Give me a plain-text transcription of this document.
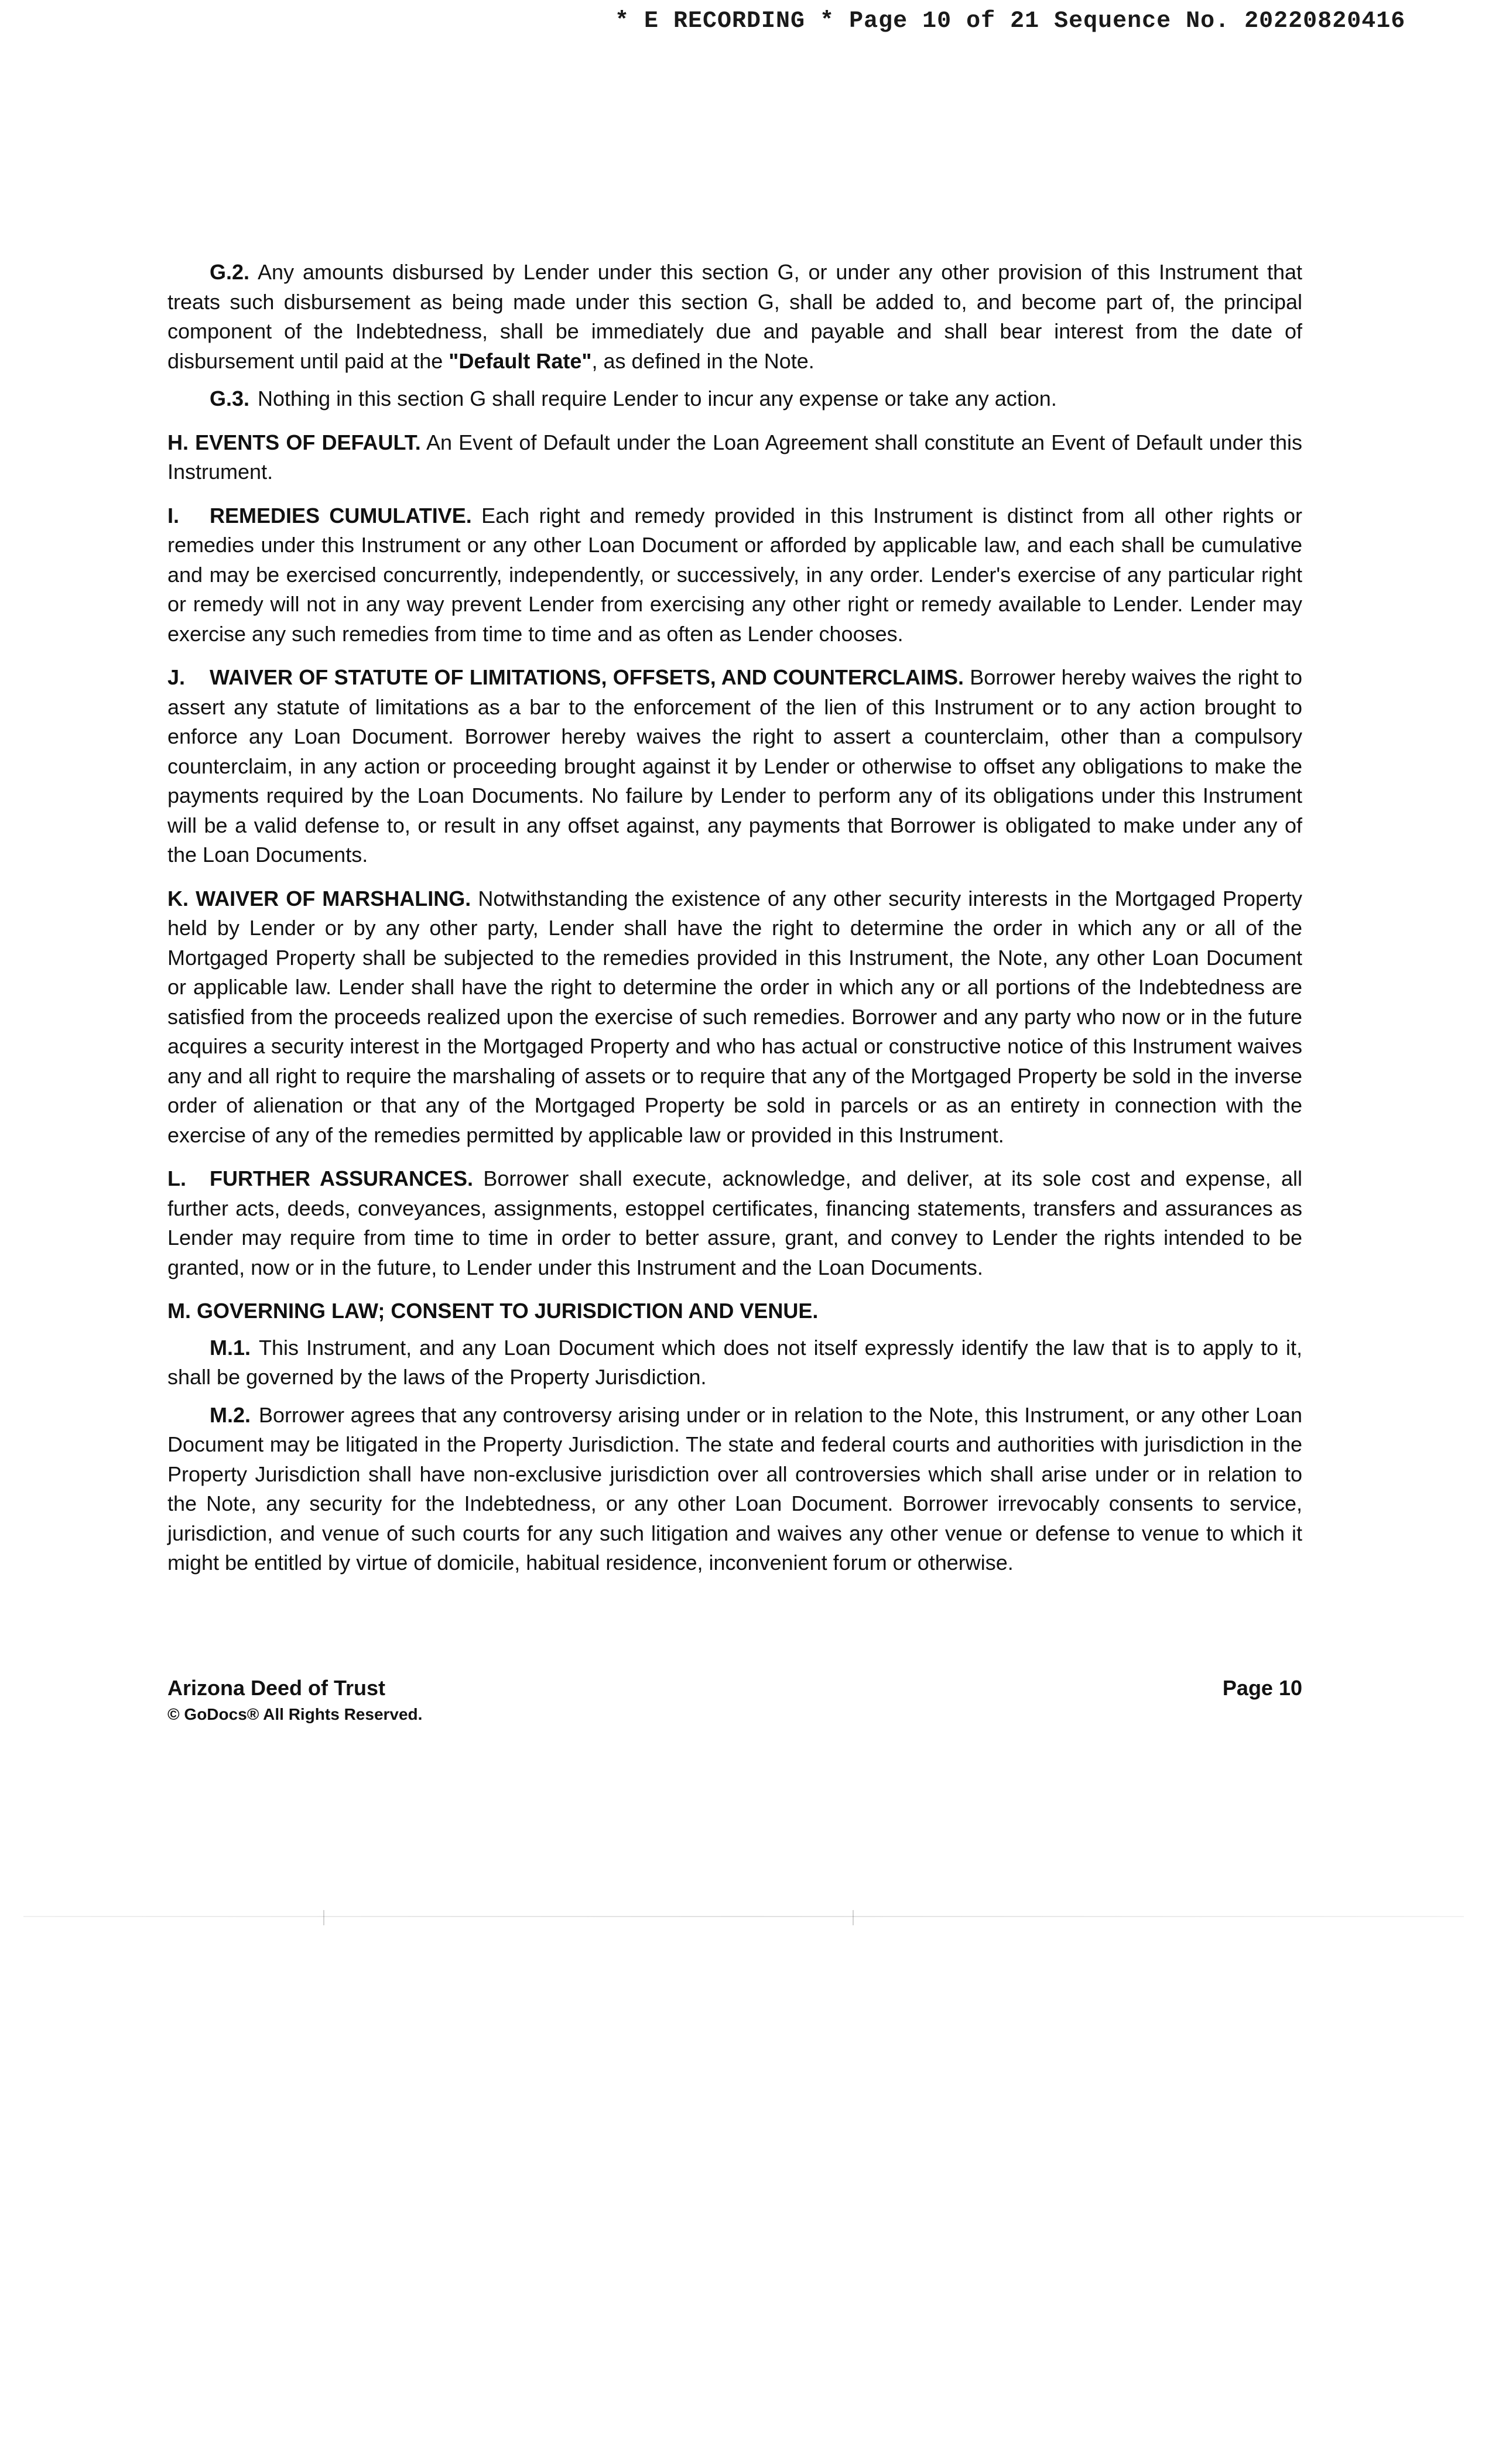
* E RECORDING * Page 10 of 21 Sequence No. 20220820416

G.2. Any amounts disbursed by Lender under this section G, or under any other provision of this Instrument that treats such disbursement as being made under this section G, shall be added to, and become part of, the principal component of the Indebtedness, shall be immediately due and payable and shall bear interest from the date of disbursement until paid at the "Default Rate", as defined in the Note.

G.3. Nothing in this section G shall require Lender to incur any expense or take any action.

H. EVENTS OF DEFAULT. An Event of Default under the Loan Agreement shall constitute an Event of Default under this Instrument.

I. REMEDIES CUMULATIVE. Each right and remedy provided in this Instrument is distinct from all other rights or remedies under this Instrument or any other Loan Document or afforded by applicable law, and each shall be cumulative and may be exercised concurrently, independently, or successively, in any order. Lender's exercise of any particular right or remedy will not in any way prevent Lender from exercising any other right or remedy available to Lender. Lender may exercise any such remedies from time to time and as often as Lender chooses.

J. WAIVER OF STATUTE OF LIMITATIONS, OFFSETS, AND COUNTERCLAIMS. Borrower hereby waives the right to assert any statute of limitations as a bar to the enforcement of the lien of this Instrument or to any action brought to enforce any Loan Document. Borrower hereby waives the right to assert a counterclaim, other than a compulsory counterclaim, in any action or proceeding brought against it by Lender or otherwise to offset any obligations to make the payments required by the Loan Documents. No failure by Lender to perform any of its obligations under this Instrument will be a valid defense to, or result in any offset against, any payments that Borrower is obligated to make under any of the Loan Documents.

K. WAIVER OF MARSHALING. Notwithstanding the existence of any other security interests in the Mortgaged Property held by Lender or by any other party, Lender shall have the right to determine the order in which any or all of the Mortgaged Property shall be subjected to the remedies provided in this Instrument, the Note, any other Loan Document or applicable law. Lender shall have the right to determine the order in which any or all portions of the Indebtedness are satisfied from the proceeds realized upon the exercise of such remedies. Borrower and any party who now or in the future acquires a security interest in the Mortgaged Property and who has actual or constructive notice of this Instrument waives any and all right to require the marshaling of assets or to require that any of the Mortgaged Property be sold in the inverse order of alienation or that any of the Mortgaged Property be sold in parcels or as an entirety in connection with the exercise of any of the remedies permitted by applicable law or provided in this Instrument.

L. FURTHER ASSURANCES. Borrower shall execute, acknowledge, and deliver, at its sole cost and expense, all further acts, deeds, conveyances, assignments, estoppel certificates, financing statements, transfers and assurances as Lender may require from time to time in order to better assure, grant, and convey to Lender the rights intended to be granted, now or in the future, to Lender under this Instrument and the Loan Documents.

M. GOVERNING LAW; CONSENT TO JURISDICTION AND VENUE.

M.1. This Instrument, and any Loan Document which does not itself expressly identify the law that is to apply to it, shall be governed by the laws of the Property Jurisdiction.

M.2. Borrower agrees that any controversy arising under or in relation to the Note, this Instrument, or any other Loan Document may be litigated in the Property Jurisdiction. The state and federal courts and authorities with jurisdiction in the Property Jurisdiction shall have non-exclusive jurisdiction over all controversies which shall arise under or in relation to the Note, any security for the Indebtedness, or any other Loan Document. Borrower irrevocably consents to service, jurisdiction, and venue of such courts for any such litigation and waives any other venue or defense to venue to which it might be entitled by virtue of domicile, habitual residence, inconvenient forum or otherwise.

Arizona Deed of Trust
© GoDocs® All Rights Reserved.
Page 10
